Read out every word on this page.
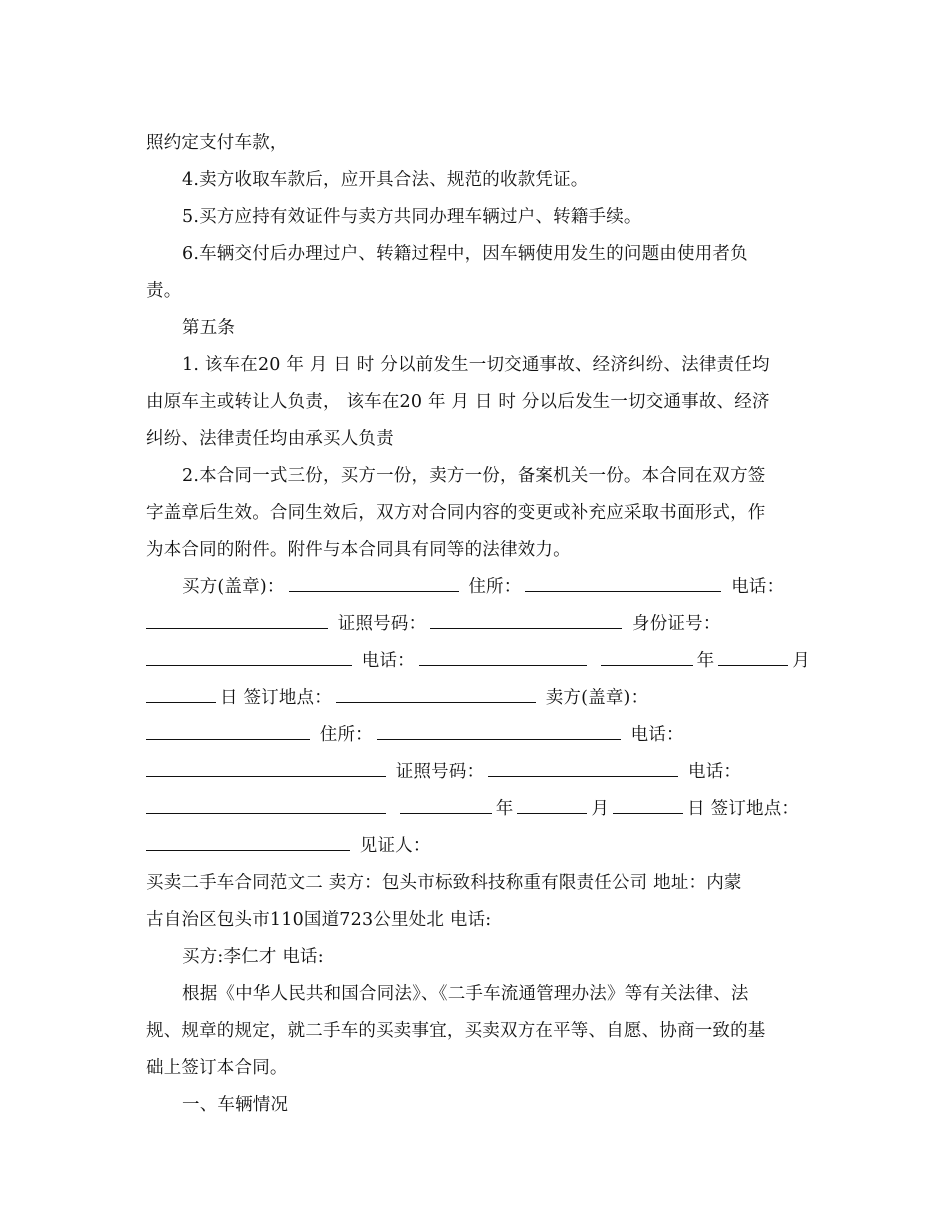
照约定支付车款，
4.卖方收取车款后，应开具合法、规范的收款凭证。
5.买方应持有效证件与卖方共同办理车辆过户、转籍手续。
6.车辆交付后办理过户、转籍过程中，因车辆使用发生的问题由使用者负
责。
第五条
1. 该车在20 年 月 日 时 分以前发生一切交通事故、经济纠纷、法律责任均
由原车主或转让人负责， 该车在20 年 月 日 时 分以后发生一切交通事故、经济
纠纷、法律责任均由承买人负责
2.本合同一式三份，买方一份，卖方一份，备案机关一份。本合同在双方签
字盖章后生效。合同生效后，双方对合同内容的变更或补充应采取书面形式，作
为本合同的附件。附件与本合同具有同等的法律效力。
买方(盖章)：	住所：	电话：
证照号码：	身份证号：
电话：	年	月
日 签订地点：	卖方(盖章)：
住所：	电话：
证照号码：	电话：
年	月	日 签订地点：
见证人：
买卖二手车合同范文二 卖方：包头市标致科技称重有限责任公司 地址：内蒙
古自治区包头市110国道723公里处北 电话:
买方:李仁才 电话:
根据《中华人民共和国合同法》、《二手车流通管理办法》等有关法律、法
规、规章的规定，就二手车的买卖事宜，买卖双方在平等、自愿、协商一致的基
础上签订本合同。
一、车辆情况
